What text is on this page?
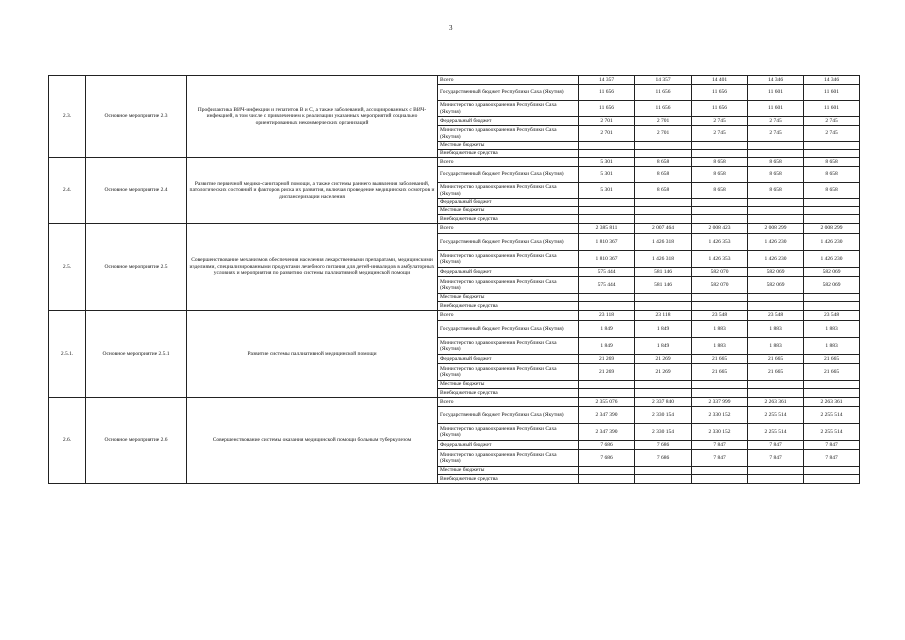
3
2.3.	Основное мероприятие 2.3	Профилактика ВИЧ-инфекции и гепатитов В и С, а также заболеваний, ассоциированных с ВИЧ-инфекцией, в том числе с привлечением к реализации указанных мероприятий социально ориентированных некоммерческих организаций	Всего	14 357	14 357	14 401	14 346	14 346
			Государственный бюджет Республики Саха (Якутия)	11 656	11 656	11 656	11 601	11 601
			Министерство здравоохранения Республики Саха (Якутия)	11 656	11 656	11 656	11 601	11 601
			Федеральный бюджет	2 701	2 701	2 745	2 745	2 745
			Министерство здравоохранения Республики Саха (Якутия)	2 701	2 701	2 745	2 745	2 745
			Местные бюджеты					
			Внебюджетные средства					
2.4.	Основное мероприятие 2.4	Развитие первичной медико-санитарной помощи, а также системы раннего выявления заболеваний, патологических состояний и факторов риска их развития, включая проведение медицинских осмотров и диспансеризации населения	Всего	5 301	8 658	8 658	8 658	8 658
			Государственный бюджет Республики Саха (Якутия)	5 301	8 658	8 658	8 658	8 658
			Министерство здравоохранения Республики Саха (Якутия)	5 301	8 658	8 658	8 658	8 658
			Федеральный бюджет					
			Местные бюджеты					
			Внебюджетные средства					
2.5.	Основное мероприятие 2.5	Совершенствование механизмов обеспечения населения лекарственными препаратами, медицинскими изделиями, специализированными продуктами лечебного питания для детей-инвалидов в амбулаторных условиях и мероприятия по развитию системы паллиативной медицинской помощи	Всего	2 385 811	2 007 464	2 008 423	2 008 299	2 008 299
			Государственный бюджет Республики Саха (Якутия)	1 810 367	1 426 318	1 426 353	1 426 230	1 426 230
			Министерство здравоохранения Республики Саха (Якутия)	1 810 367	1 426 318	1 426 353	1 426 230	1 426 230
			Федеральный бюджет	575 444	581 146	582 070	582 069	582 069
			Министерство здравоохранения Республики Саха (Якутия)	575 444	581 146	582 070	582 069	582 069
			Местные бюджеты					
			Внебюджетные средства					
2.5.1.	Основное мероприятие 2.5.1	Развитие системы паллиативной медицинской помощи	Всего	23 118	23 118	23 548	23 548	23 548
			Государственный бюджет Республики Саха (Якутия)	1 849	1 849	1 883	1 883	1 883
			Министерство здравоохранения Республики Саха (Якутия)	1 849	1 849	1 883	1 883	1 883
			Федеральный бюджет	21 269	21 269	21 665	21 665	21 665
			Министерство здравоохранения Республики Саха (Якутия)	21 269	21 269	21 665	21 665	21 665
			Местные бюджеты					
			Внебюджетные средства					
2.6.	Основное мероприятие 2.6	Совершенствование системы оказания медицинской помощи больным туберкулезом	Всего	2 355 076	2 337 840	2 337 999	2 263 361	2 263 361
			Государственный бюджет Республики Саха (Якутия)	2 347 390	2 330 154	2 330 152	2 255 514	2 255 514
			Министерство здравоохранения Республики Саха (Якутия)	2 347 390	2 330 154	2 330 152	2 255 514	2 255 514
			Федеральный бюджет	7 686	7 686	7 847	7 847	7 847
			Министерство здравоохранения Республики Саха (Якутия)	7 686	7 686	7 847	7 847	7 847
			Местные бюджеты					
			Внебюджетные средства					
